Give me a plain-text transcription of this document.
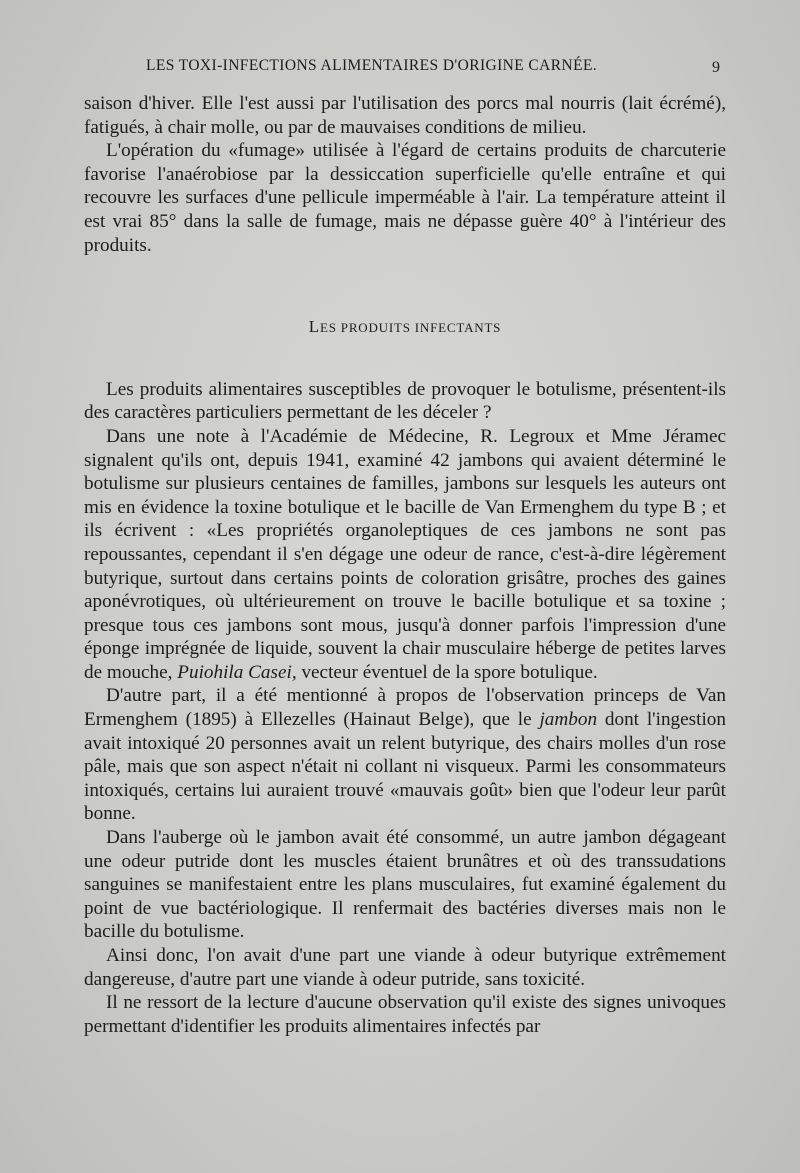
LES TOXI-INFECTIONS ALIMENTAIRES D'ORIGINE CARNÉE.	9

saison d'hiver. Elle l'est aussi par l'utilisation des porcs mal nourris (lait écrémé), fatigués, à chair molle, ou par de mauvaises conditions de milieu.

L'opération du «fumage» utilisée à l'égard de certains produits de charcuterie favorise l'anaérobiose par la dessiccation superficielle qu'elle entraîne et qui recouvre les surfaces d'une pellicule imperméable à l'air. La température atteint il est vrai 85° dans la salle de fumage, mais ne dépasse guère 40° à l'intérieur des produits.

LES PRODUITS INFECTANTS

Les produits alimentaires susceptibles de provoquer le botulisme, présentent-ils des caractères particuliers permettant de les déceler ?

Dans une note à l'Académie de Médecine, R. Legroux et Mme Jéramec signalent qu'ils ont, depuis 1941, examiné 42 jambons qui avaient déterminé le botulisme sur plusieurs centaines de familles, jambons sur lesquels les auteurs ont mis en évidence la toxine botulique et le bacille de Van Ermenghem du type B ; et ils écrivent : «Les propriétés organoleptiques de ces jambons ne sont pas repoussantes, cependant il s'en dégage une odeur de rance, c'est-à-dire légèrement butyrique, surtout dans certains points de coloration grisâtre, proches des gaines aponévrotiques, où ultérieurement on trouve le bacille botulique et sa toxine ; presque tous ces jambons sont mous, jusqu'à donner parfois l'impression d'une éponge imprégnée de liquide, souvent la chair musculaire héberge de petites larves de mouche, Puiohila Casei, vecteur éventuel de la spore botulique.

D'autre part, il a été mentionné à propos de l'observation princeps de Van Ermenghem (1895) à Ellezelles (Hainaut Belge), que le jambon dont l'ingestion avait intoxiqué 20 personnes avait un relent butyrique, des chairs molles d'un rose pâle, mais que son aspect n'était ni collant ni visqueux. Parmi les consommateurs intoxiqués, certains lui auraient trouvé «mauvais goût» bien que l'odeur leur parût bonne.

Dans l'auberge où le jambon avait été consommé, un autre jambon dégageant une odeur putride dont les muscles étaient brunâtres et où des transsudations sanguines se manifestaient entre les plans musculaires, fut examiné également du point de vue bactériologique. Il renfermait des bactéries diverses mais non le bacille du botulisme.

Ainsi donc, l'on avait d'une part une viande à odeur butyrique extrêmement dangereuse, d'autre part une viande à odeur putride, sans toxicité.

Il ne ressort de la lecture d'aucune observation qu'il existe des signes univoques permettant d'identifier les produits alimentaires infectés par
